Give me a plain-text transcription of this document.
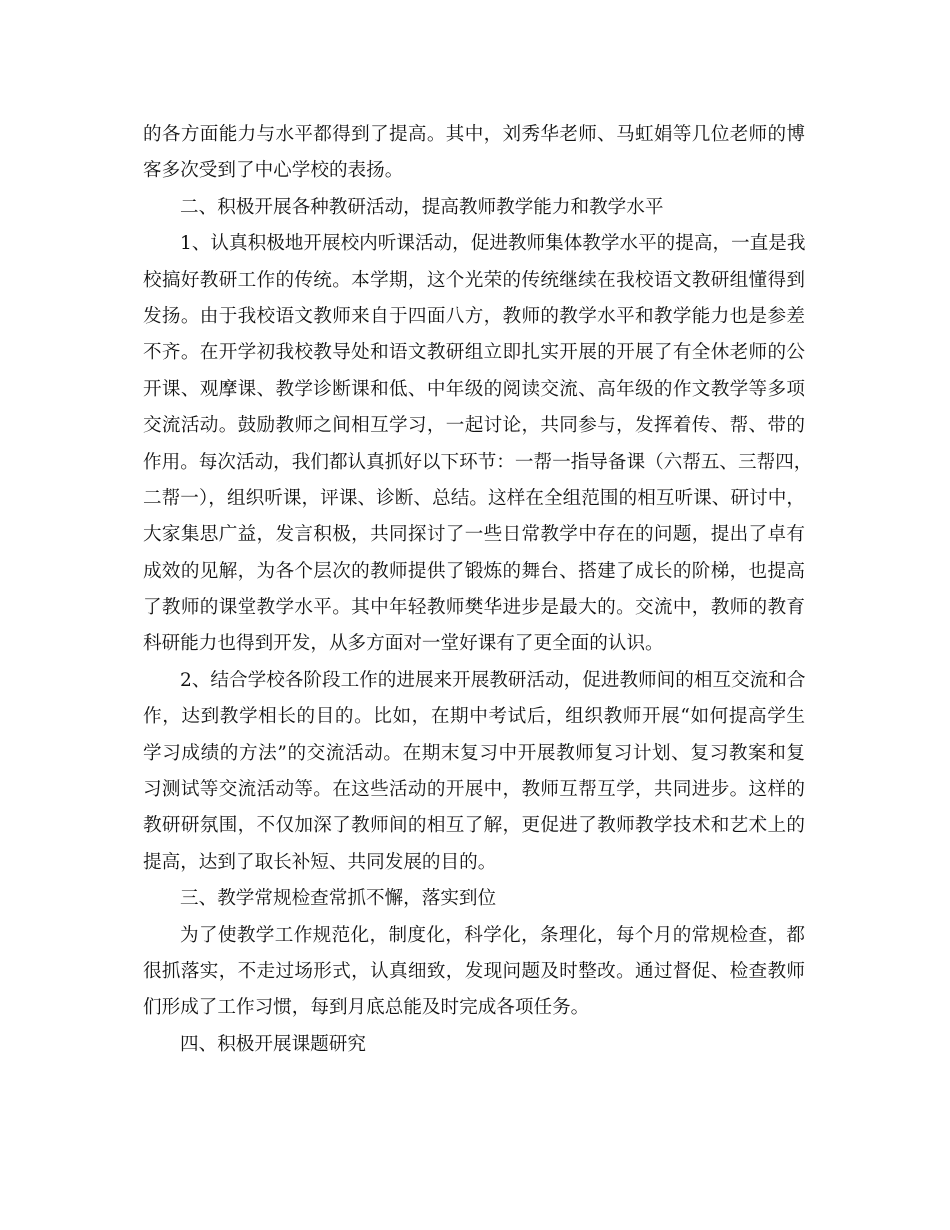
的各方面能力与水平都得到了提高。其中，刘秀华老师、马虹娟等几位老师的博
客多次受到了中心学校的表扬。
二、积极开展各种教研活动，提高教师教学能力和教学水平
1、认真积极地开展校内听课活动，促进教师集体教学水平的提高，一直是我
校搞好教研工作的传统。本学期，这个光荣的传统继续在我校语文教研组懂得到
发扬。由于我校语文教师来自于四面八方，教师的教学水平和教学能力也是参差
不齐。在开学初我校教导处和语文教研组立即扎实开展的开展了有全休老师的公
开课、观摩课、教学诊断课和低、中年级的阅读交流、高年级的作文教学等多项
交流活动。鼓励教师之间相互学习，一起讨论，共同参与，发挥着传、帮、带的
作用。每次活动，我们都认真抓好以下环节：一帮一指导备课（六帮五、三帮四，
二帮一），组织听课，评课、诊断、总结。这样在全组范围的相互听课、研讨中，
大家集思广益，发言积极，共同探讨了一些日常教学中存在的问题，提出了卓有
成效的见解，为各个层次的教师提供了锻炼的舞台、搭建了成长的阶梯，也提高
了教师的课堂教学水平。其中年轻教师樊华进步是最大的。交流中，教师的教育
科研能力也得到开发，从多方面对一堂好课有了更全面的认识。
2、结合学校各阶段工作的进展来开展教研活动，促进教师间的相互交流和合
作，达到教学相长的目的。比如，在期中考试后，组织教师开展“如何提高学生
学习成绩的方法”的交流活动。在期末复习中开展教师复习计划、复习教案和复
习测试等交流活动等。在这些活动的开展中，教师互帮互学，共同进步。这样的
教研研氛围，不仅加深了教师间的相互了解，更促进了教师教学技术和艺术上的
提高，达到了取长补短、共同发展的目的。
三、教学常规检查常抓不懈，落实到位
为了使教学工作规范化，制度化，科学化，条理化，每个月的常规检查，都
很抓落实，不走过场形式，认真细致，发现问题及时整改。通过督促、检查教师
们形成了工作习惯，每到月底总能及时完成各项任务。
四、积极开展课题研究
